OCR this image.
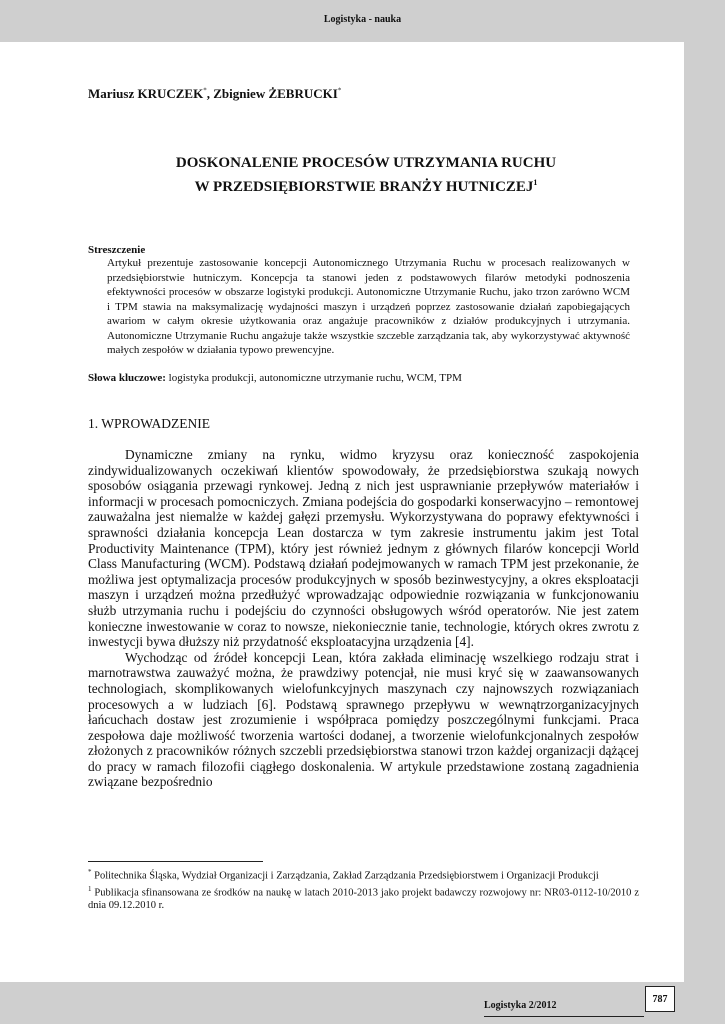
Logistyka - nauka
Mariusz KRUCZEK*, Zbigniew ŻEBRUCKI*
DOSKONALENIE PROCESÓW UTRZYMANIA RUCHU
W PRZEDSIĘBIORSTWIE BRANŻY HUTNICZEJ$^1$
Streszczenie
Artykuł prezentuje zastosowanie koncepcji Autonomicznego Utrzymania Ruchu w procesach realizowanych w przedsiębiorstwie hutniczym. Koncepcja ta stanowi jeden z podstawowych filarów metodyki podnoszenia efektywności procesów w obszarze logistyki produkcji. Autonomiczne Utrzymanie Ruchu, jako trzon zarówno WCM i TPM stawia na maksymalizację wydajności maszyn i urządzeń poprzez zastosowanie działań zapobiegających awariom w całym okresie użytkowania oraz angażuje pracowników z działów produkcyjnych i utrzymania. Autonomiczne Utrzymanie Ruchu angażuje także wszystkie szczeble zarządzania tak, aby wykorzystywać aktywność małych zespołów w działania typowo prewencyjne.
Słowa kluczowe: logistyka produkcji, autonomiczne utrzymanie ruchu, WCM, TPM
1. WPROWADZENIE

Dynamiczne zmiany na rynku, widmo kryzysu oraz konieczność zaspokojenia zindywidualizowanych oczekiwań klientów spowodowały, że przedsiębiorstwa szukają nowych sposobów osiągania przewagi rynkowej. Jedną z nich jest usprawnianie przepływów materiałów i informacji w procesach pomocniczych. Zmiana podejścia do gospodarki konserwacyjno – remontowej zauważalna jest niemalże w każdej gałęzi przemysłu. Wykorzystywana do poprawy efektywności i sprawności działania koncepcja Lean dostarcza w tym zakresie instrumentu jakim jest Total Productivity Maintenance (TPM), który jest również jednym z głównych filarów koncepcji World Class Manufacturing (WCM). Podstawą działań podejmowanych w ramach TPM jest przekonanie, że możliwa jest optymalizacja procesów produkcyjnych w sposób bezinwestycyjny, a okres eksploatacji maszyn i urządzeń można przedłużyć wprowadzając odpowiednie rozwiązania w funkcjonowaniu służb utrzymania ruchu i podejściu do czynności obsługowych wśród operatorów. Nie jest zatem konieczne inwestowanie w coraz to nowsze, niekoniecznie tanie, technologie, których okres zwrotu z inwestycji bywa dłuższy niż przydatność eksploatacyjna urządzenia [4].

Wychodząc od źródeł koncepcji Lean, która zakłada eliminację wszelkiego rodzaju strat i marnotrawstwa zauważyć można, że prawdziwy potencjał, nie musi kryć się w zaawansowanych technologiach, skomplikowanych wielofunkcyjnych maszynach czy najnowszych rozwiązaniach procesowych a w ludziach [6]. Podstawą sprawnego przepływu w wewnątrzorganizacyjnych łańcuchach dostaw jest zrozumienie i współpraca pomiędzy poszczególnymi funkcjami. Praca zespołowa daje możliwość tworzenia wartości dodanej, a tworzenie wielofunkcjonalnych zespołów złożonych z pracowników różnych szczebli przedsiębiorstwa stanowi trzon każdej organizacji dążącej do pracy w ramach filozofii ciągłego doskonalenia. W artykule przedstawione zostaną zagadnienia związane bezpośrednio

* Politechnika Śląska, Wydział Organizacji i Zarządzania, Zakład Zarządzania Przedsiębiorstwem i Organizacji Produkcji

$^1$ Publikacja sfinansowana ze środków na naukę w latach 2010-2013 jako projekt badawczy rozwojowy nr: NR03-0112-10/2010 z dnia 09.12.2010 r.

787
Logistyka 2/2012
